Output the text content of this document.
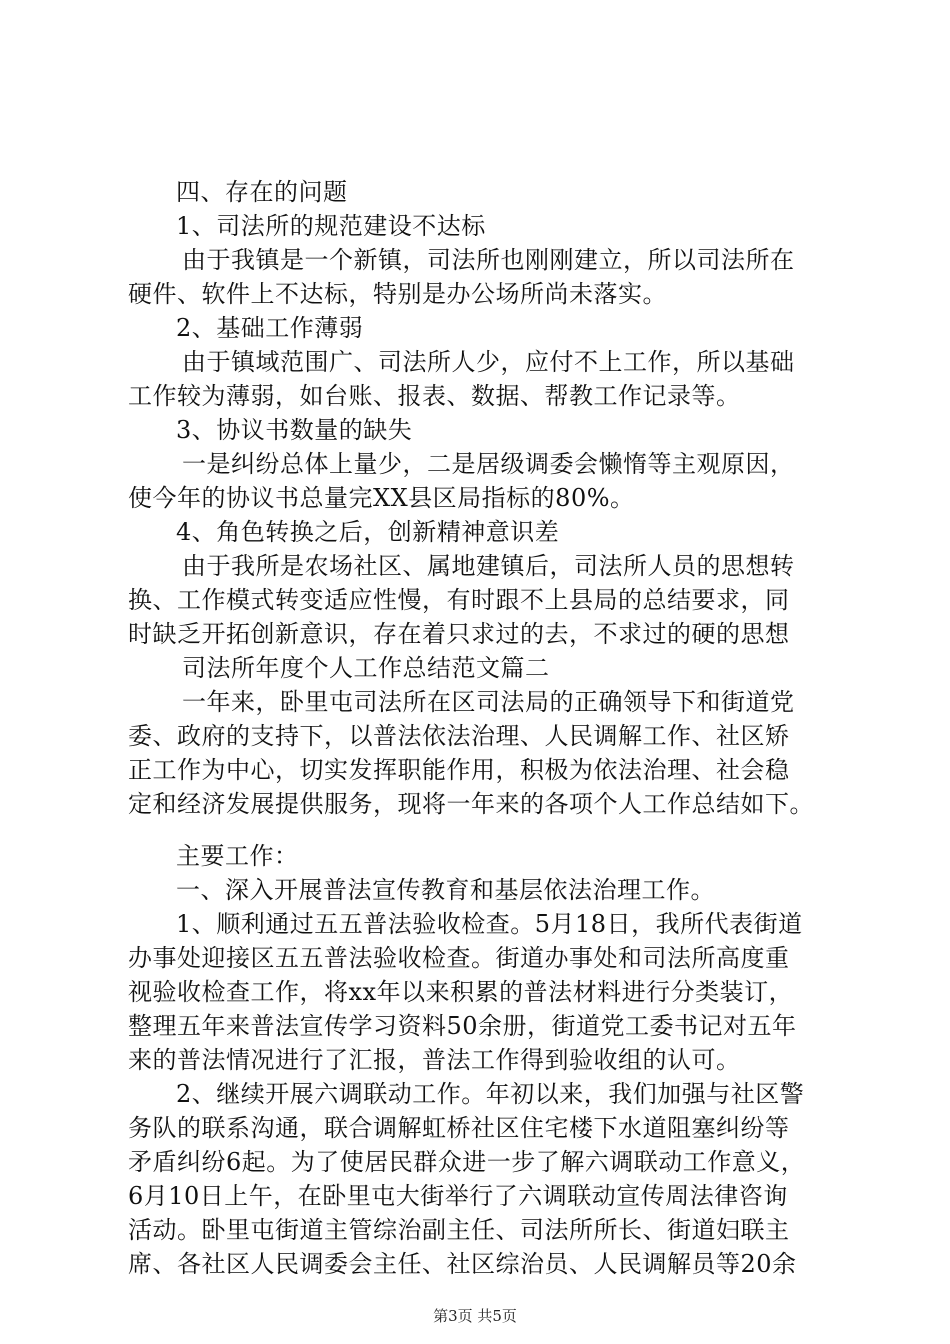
四、存在的问题
1、司法所的规范建设不达标
由于我镇是一个新镇，司法所也刚刚建立，所以司法所在
硬件、软件上不达标，特别是办公场所尚未落实。
2、基础工作薄弱
由于镇域范围广、司法所人少，应付不上工作，所以基础
工作较为薄弱，如台账、报表、数据、帮教工作记录等。
3、协议书数量的缺失
一是纠纷总体上量少，二是居级调委会懒惰等主观原因，
使今年的协议书总量完XX县区局指标的80%。
4、角色转换之后，创新精神意识差
由于我所是农场社区、属地建镇后，司法所人员的思想转
换、工作模式转变适应性慢，有时跟不上县局的总结要求，同
时缺乏开拓创新意识，存在着只求过的去，不求过的硬的思想
司法所年度个人工作总结范文篇二
一年来，卧里屯司法所在区司法局的正确领导下和街道党
委、政府的支持下，以普法依法治理、人民调解工作、社区矫
正工作为中心，切实发挥职能作用，积极为依法治理、社会稳
定和经济发展提供服务，现将一年来的各项个人工作总结如下。
主要工作：
一、深入开展普法宣传教育和基层依法治理工作。
1、顺利通过五五普法验收检查。5月18日，我所代表街道
办事处迎接区五五普法验收检查。街道办事处和司法所高度重
视验收检查工作，将xx年以来积累的普法材料进行分类装订，
整理五年来普法宣传学习资料50余册，街道党工委书记对五年
来的普法情况进行了汇报，普法工作得到验收组的认可。
2、继续开展六调联动工作。年初以来，我们加强与社区警
务队的联系沟通，联合调解虹桥社区住宅楼下水道阻塞纠纷等
矛盾纠纷6起。为了使居民群众进一步了解六调联动工作意义，
6月10日上午，在卧里屯大街举行了六调联动宣传周法律咨询
活动。卧里屯街道主管综治副主任、司法所所长、街道妇联主
席、各社区人民调委会主任、社区综治员、人民调解员等20余
第3页 共5页
